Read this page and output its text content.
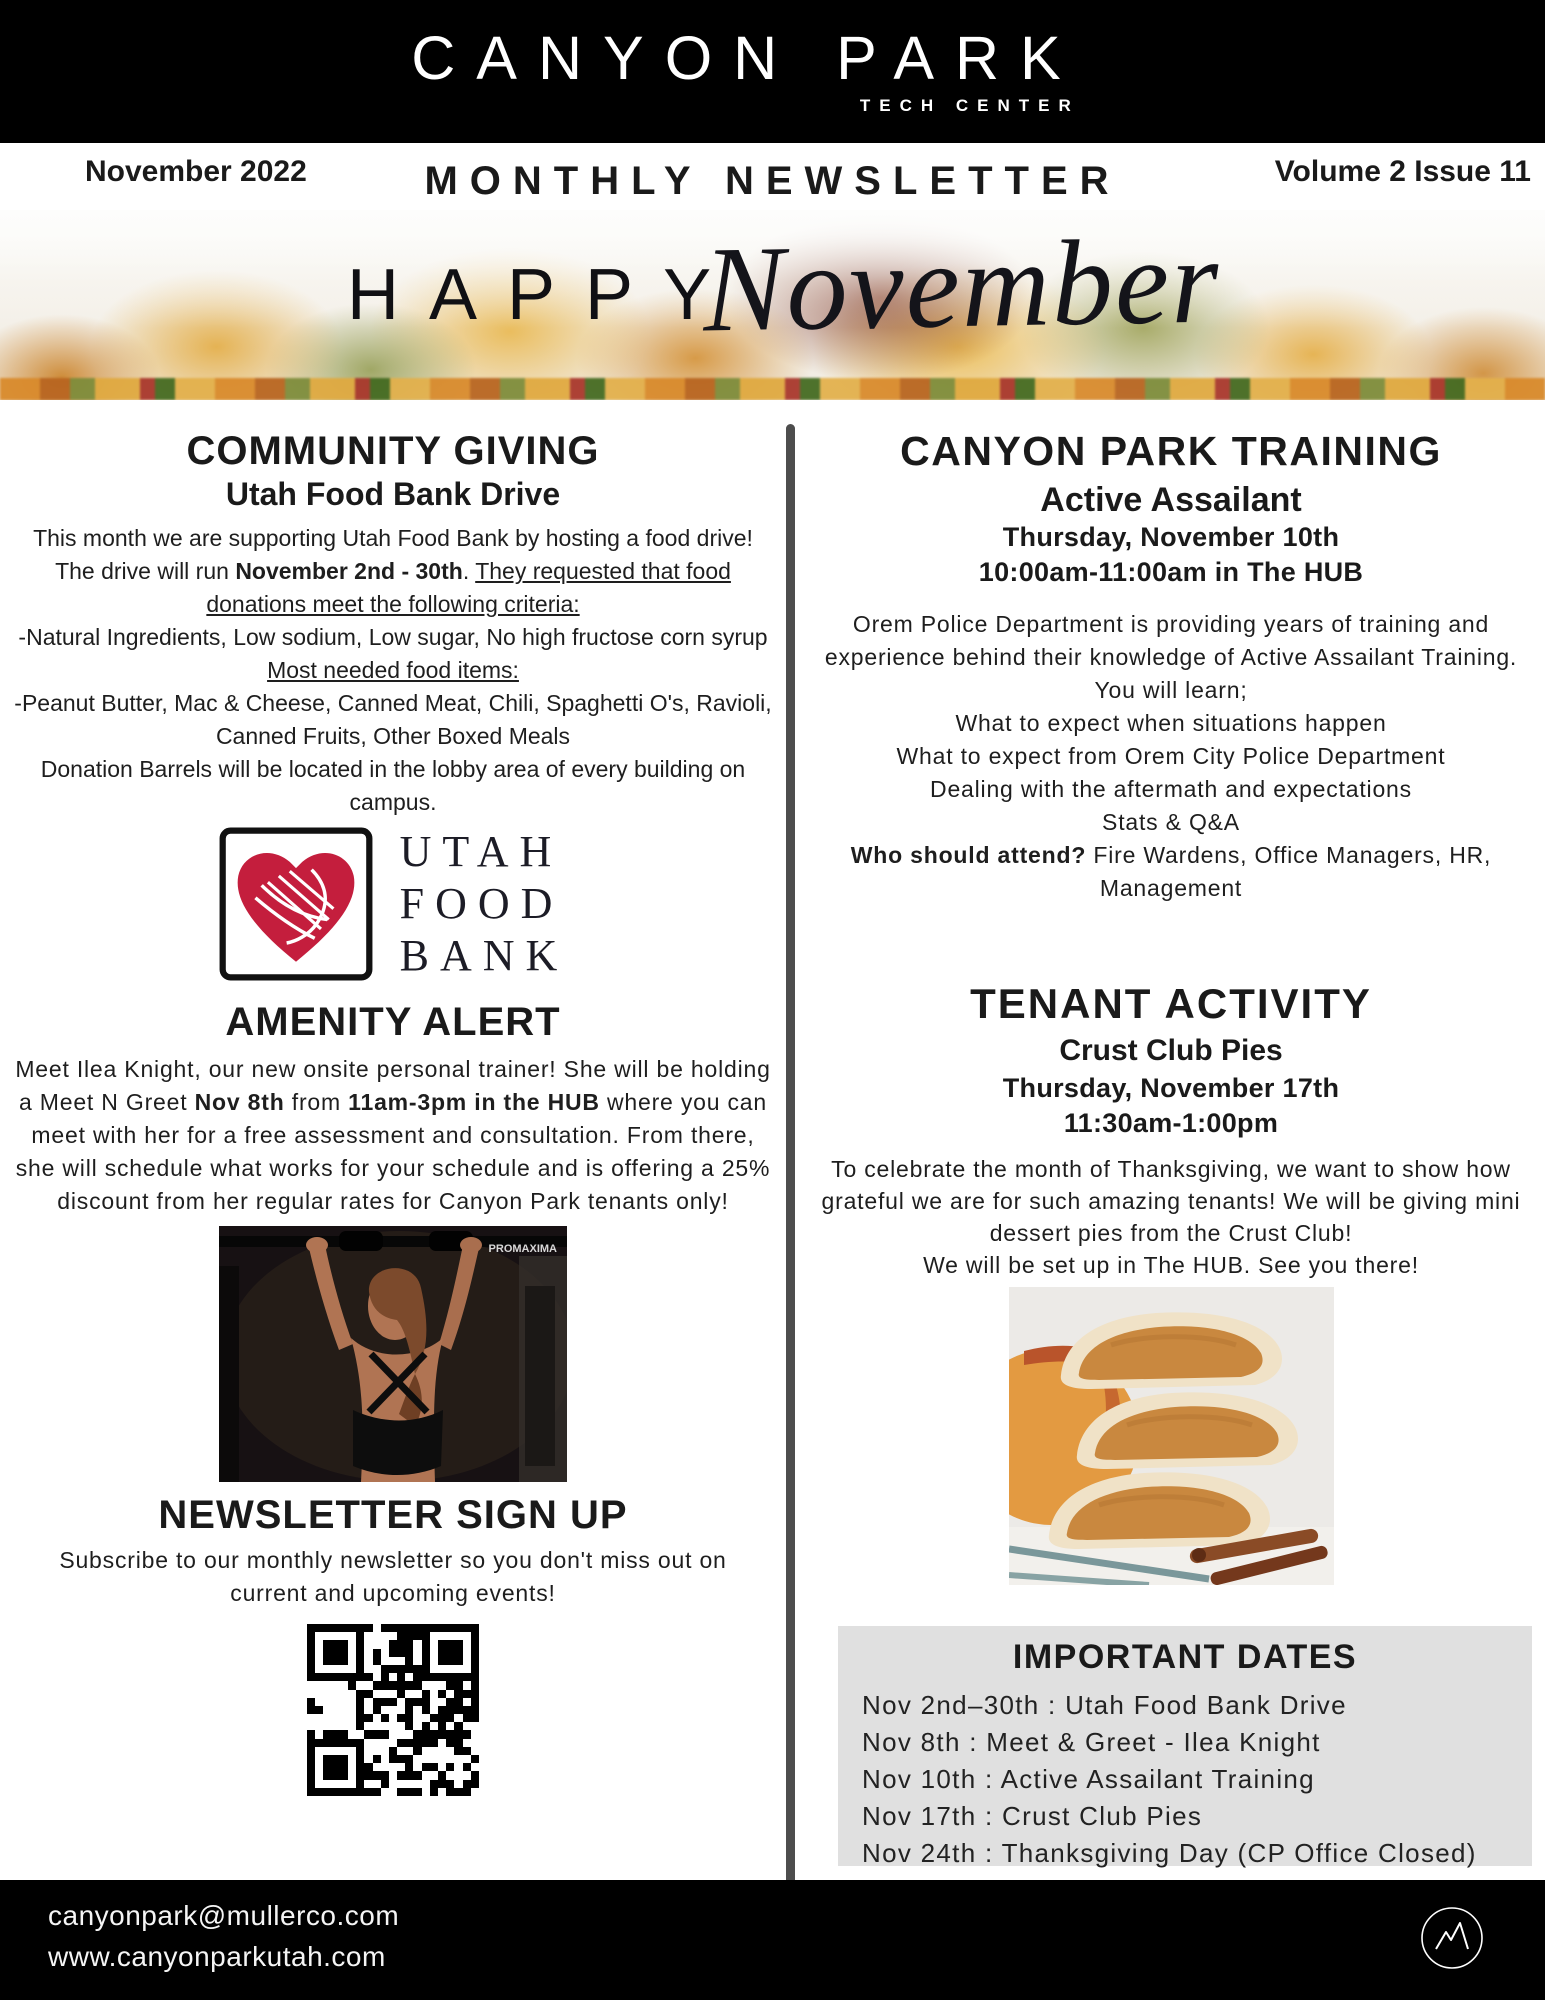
CANYON PARK
TECH CENTER
November 2022	MONTHLY NEWSLETTER	Volume 2 Issue 11
HAPPY
November
COMMUNITY GIVING
Utah Food Bank Drive

This month we are supporting Utah Food Bank by hosting a food drive! The drive will run November 2nd - 30th. They requested that food donations meet the following criteria:
-Natural Ingredients, Low sodium, Low sugar, No high fructose corn syrup
Most needed food items:
-Peanut Butter, Mac & Cheese, Canned Meat, Chili, Spaghetti O's, Ravioli, Canned Fruits, Other Boxed Meals
Donation Barrels will be located in the lobby area of every building on campus.

UTAH
FOOD
BANK
AMENITY ALERT

Meet Ilea Knight, our new onsite personal trainer! She will be holding a Meet N Greet Nov 8th from 11am-3pm in the HUB where you can meet with her for a free assessment and consultation. From there, she will schedule what works for your schedule and is offering a 25% discount from her regular rates for Canyon Park tenants only!

PROMAXIMA
NEWSLETTER SIGN UP

Subscribe to our monthly newsletter so you don't miss out on current and upcoming events!

CANYON PARK TRAINING
Active Assailant
Thursday, November 10th
10:00am-11:00am in The HUB

Orem Police Department is providing years of training and experience behind their knowledge of Active Assailant Training. You will learn;

What to expect when situations happen

What to expect from Orem City Police Department

Dealing with the aftermath and expectations

Stats & Q&A

Who should attend? Fire Wardens, Office Managers, HR, Management

TENANT ACTIVITY
Crust Club Pies
Thursday, November 17th
11:30am-1:00pm

To celebrate the month of Thanksgiving, we want to show how grateful we are for such amazing tenants! We will be giving mini dessert pies from the Crust Club!
We will be set up in The HUB. See you there!

IMPORTANT DATES
Nov 2nd–30th : Utah Food Bank Drive
Nov 8th : Meet & Greet - Ilea Knight
Nov 10th : Active Assailant Training
Nov 17th : Crust Club Pies
Nov 24th : Thanksgiving Day (CP Office Closed)
canyonpark@mullerco.com
www.canyonparkutah.com
